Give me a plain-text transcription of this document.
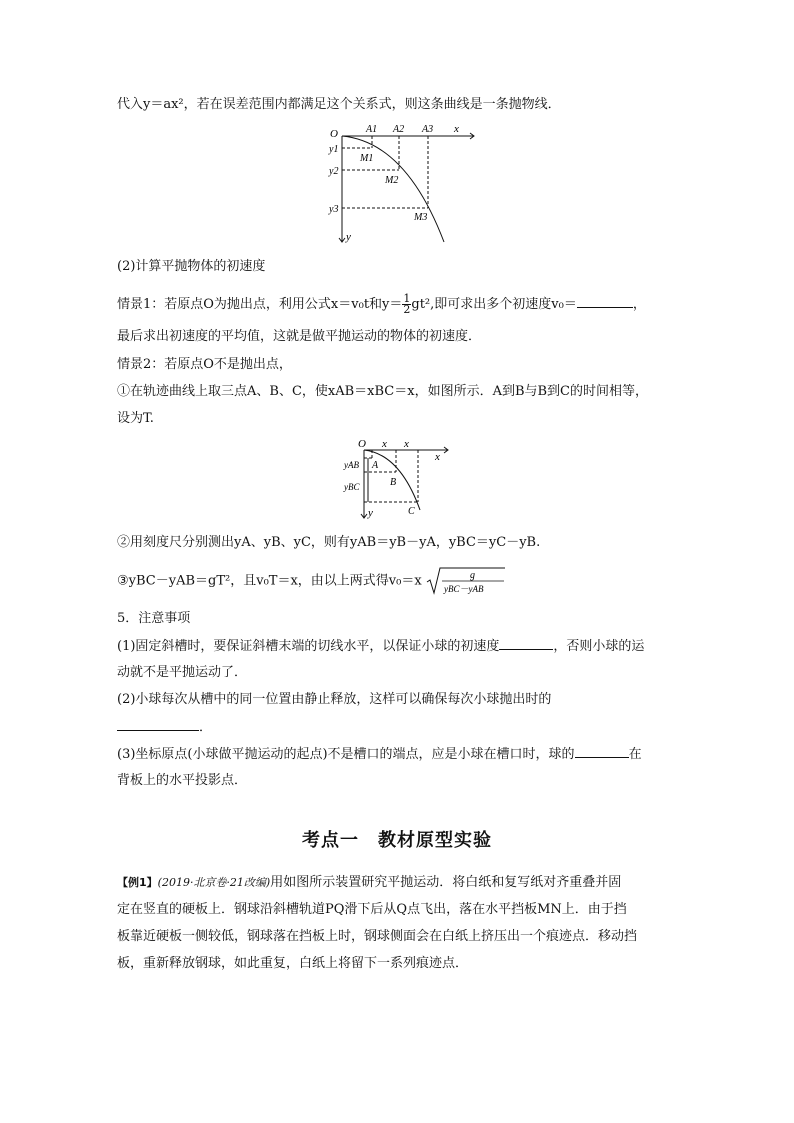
代入y＝ax²，若在误差范围内都满足这个关系式，则这条曲线是一条抛物线．
O	x
y
A1 A2 A3
y1
y2
y3
M1
M2
M3
(2)计算平抛物体的初速度
情景1：若原点O为抛出点，利用公式x＝v₀t和$y= \frac{1}{2} gt^2$,即可求出多个初速度v₀＝	，
最后求出初速度的平均值，这就是做平抛运动的物体的初速度．
情景2：若原点O不是抛出点，
①在轨迹曲线上取三点A、B、C，使xAB＝xBC＝x，如图所示．A到B与B到C的时间相等，
设为T.
O x x
x
y
yAB
yBC
A
B
C
②用刻度尺分别测出yA、yB、yC，则有yAB＝yB－yA，yBC＝yC－yB.
③yBC－yAB＝gT²，且v₀T＝x，由以上两式得v₀＝x	g
yBC－yAB
5．注意事项
(1)固定斜槽时，要保证斜槽末端的切线水平，以保证小球的初速度	，否则小球的运
动就不是平抛运动了．
(2)小球每次从槽中的同一位置由静止释放，这样可以确保每次小球抛出时的
．
(3)坐标原点(小球做平抛运动的起点)不是槽口的端点，应是小球在槽口时，球的	在
背板上的水平投影点．
考点一　教材原型实验
【例1】(2019·北京卷·21改编)用如图所示装置研究平抛运动．将白纸和复写纸对齐重叠并固
定在竖直的硬板上．钢球沿斜槽轨道PQ滑下后从Q点飞出，落在水平挡板MN上．由于挡
板靠近硬板一侧较低，钢球落在挡板上时，钢球侧面会在白纸上挤压出一个痕迹点．移动挡
板，重新释放钢球，如此重复，白纸上将留下一系列痕迹点．
